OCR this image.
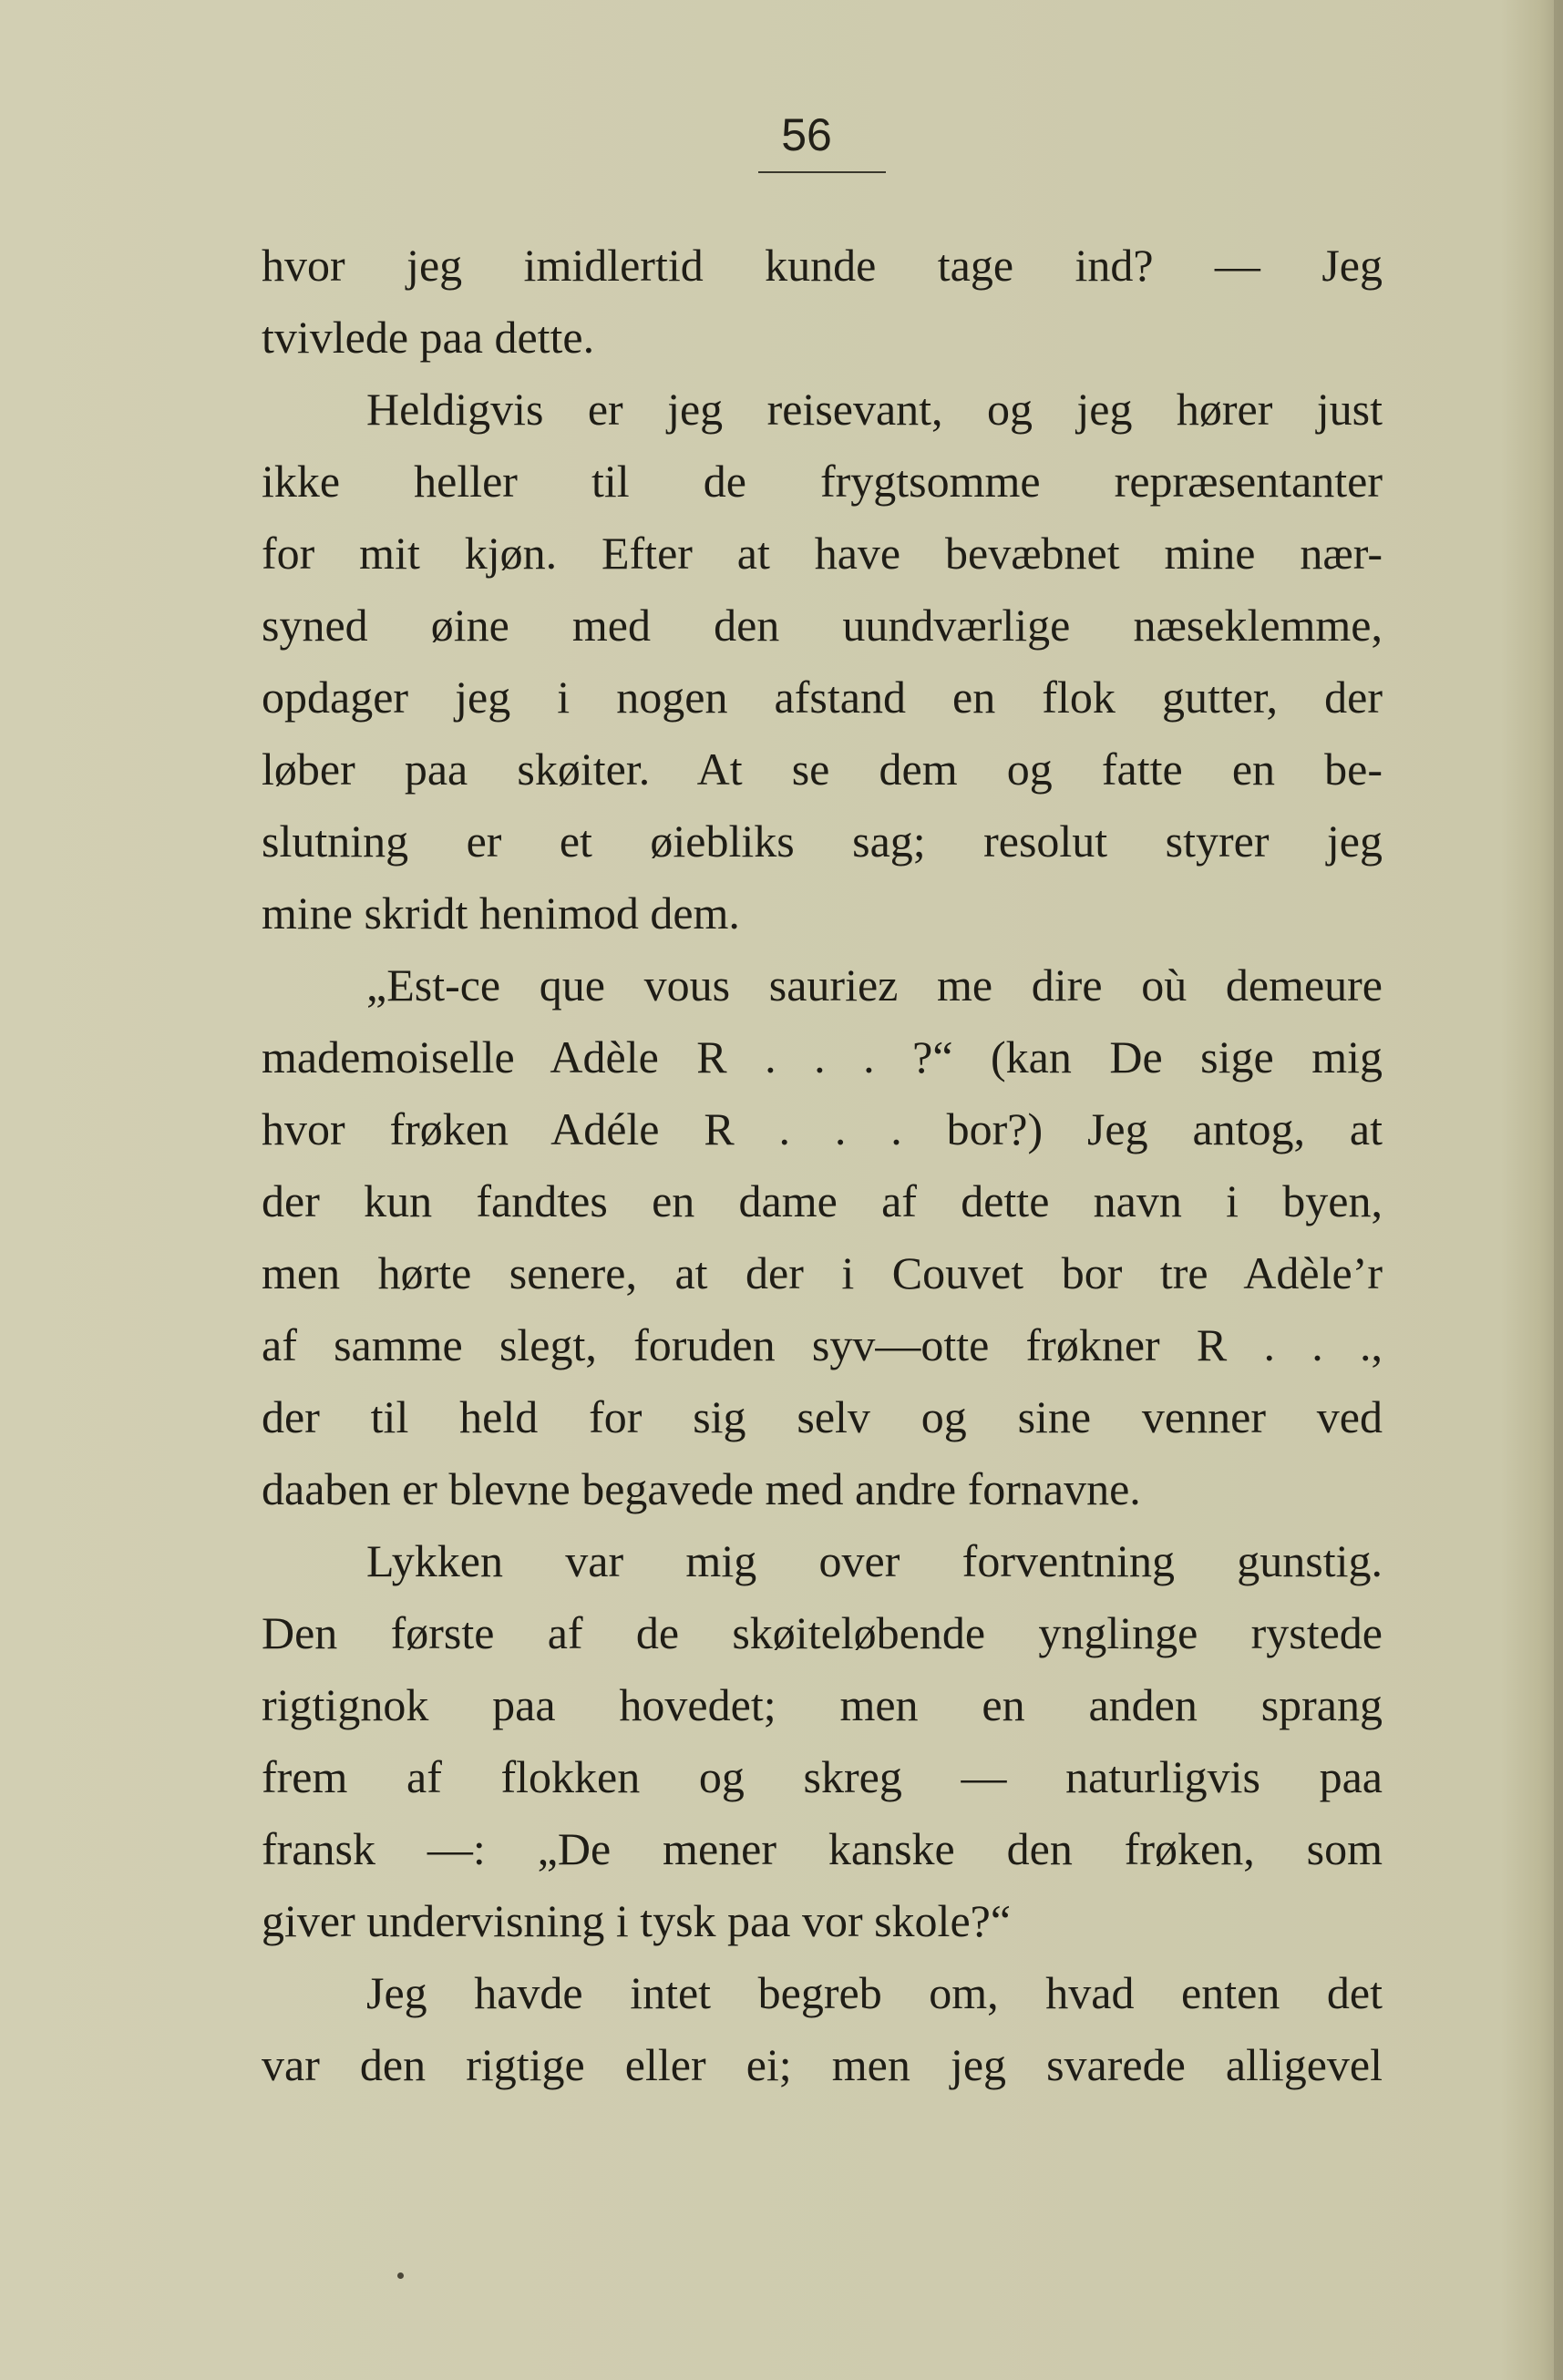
56
hvor jeg imidlertid kunde tage ind? — Jeg
tvivlede paa dette.
Heldigvis er jeg reisevant, og jeg hører just
ikke heller til de frygtsomme repræsentanter
for mit kjøn. Efter at have bevæbnet mine nær-
syned øine med den uundværlige næseklemme,
opdager jeg i nogen afstand en flok gutter, der
løber paa skøiter. At se dem og fatte en be-
slutning er et øiebliks sag; resolut styrer jeg
mine skridt henimod dem.
„Est-ce que vous sauriez me dire où demeure
mademoiselle Adèle R . . . ?“ (kan De sige mig
hvor frøken Adéle R . . . bor?) Jeg antog, at
der kun fandtes en dame af dette navn i byen,
men hørte senere, at der i Couvet bor tre Adèle’r
af samme slegt, foruden syv—otte frøkner R . . .,
der til held for sig selv og sine venner ved
daaben er blevne begavede med andre fornavne.
Lykken var mig over forventning gunstig.
Den første af de skøiteløbende ynglinge rystede
rigtignok paa hovedet; men en anden sprang
frem af flokken og skreg — naturligvis paa
fransk —: „De mener kanske den frøken, som
giver undervisning i tysk paa vor skole?“
Jeg havde intet begreb om, hvad enten det
var den rigtige eller ei; men jeg svarede alligevel
